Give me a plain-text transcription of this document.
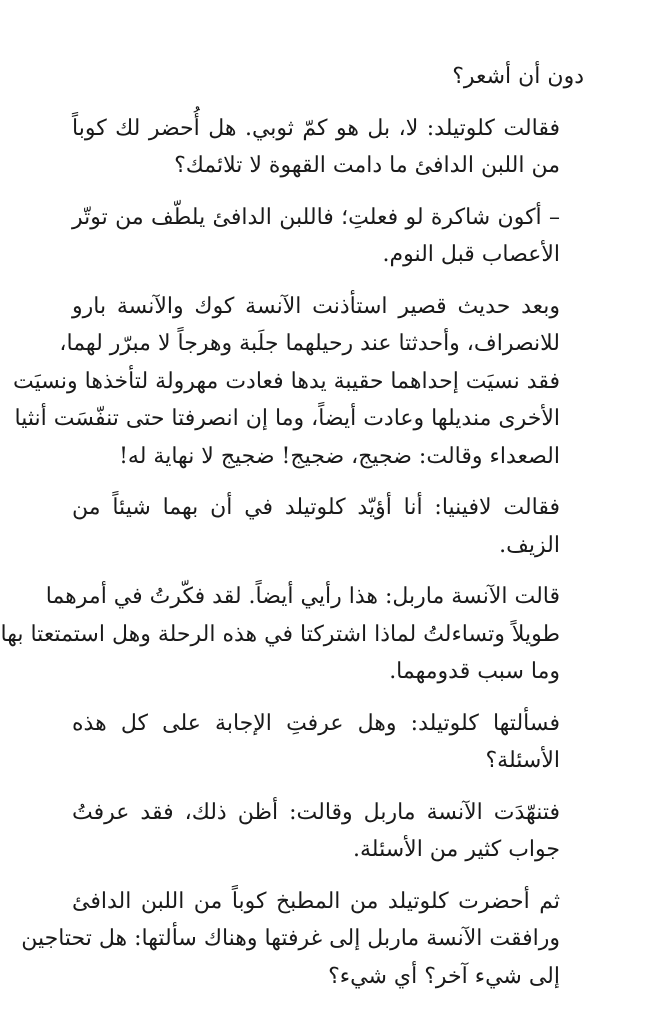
دون أن أشعر؟

فقالت كلوتيلد: لا، بل هو كمّ ثوبي. هل أُحضر لك كوباً
من اللبن الدافئ ما دامت القهوة لا تلائمك؟

– أكون شاكرة لو فعلتِ؛ فاللبن الدافئ يلطّف من توتّر
الأعصاب قبل النوم.

وبعد حديث قصير استأذنت الآنسة كوك والآنسة بارو
للانصراف، وأحدثتا عند رحيلهما جلَبة وهرجاً لا مبرّر لهما،
فقد نسيَت إحداهما حقيبة يدها فعادت مهرولة لتأخذها ونسيَت
الأخرى منديلها وعادت أيضاً، وما إن انصرفتا حتى تنفّسَت أنثيا
الصعداء وقالت: ضجيج، ضجيج! ضجيج لا نهاية له!

فقالت لافينيا: أنا أؤيّد كلوتيلد في أن بهما شيئاً من
الزيف.

قالت الآنسة ماربل: هذا رأيي أيضاً. لقد فكّرتُ في أمرهما
طويلاً وتساءلتُ لماذا اشتركتا في هذه الرحلة وهل استمتعتا بها
وما سبب قدومهما.

فسألتها كلوتيلد: وهل عرفتِ الإجابة على كل هذه
الأسئلة؟

فتنهّدَت الآنسة ماربل وقالت: أظن ذلك، فقد عرفتُ
جواب كثير من الأسئلة.

ثم أحضرت كلوتيلد من المطبخ كوباً من اللبن الدافئ
ورافقت الآنسة ماربل إلى غرفتها وهناك سألتها: هل تحتاجين
إلى شيء آخر؟ أي شيء؟
